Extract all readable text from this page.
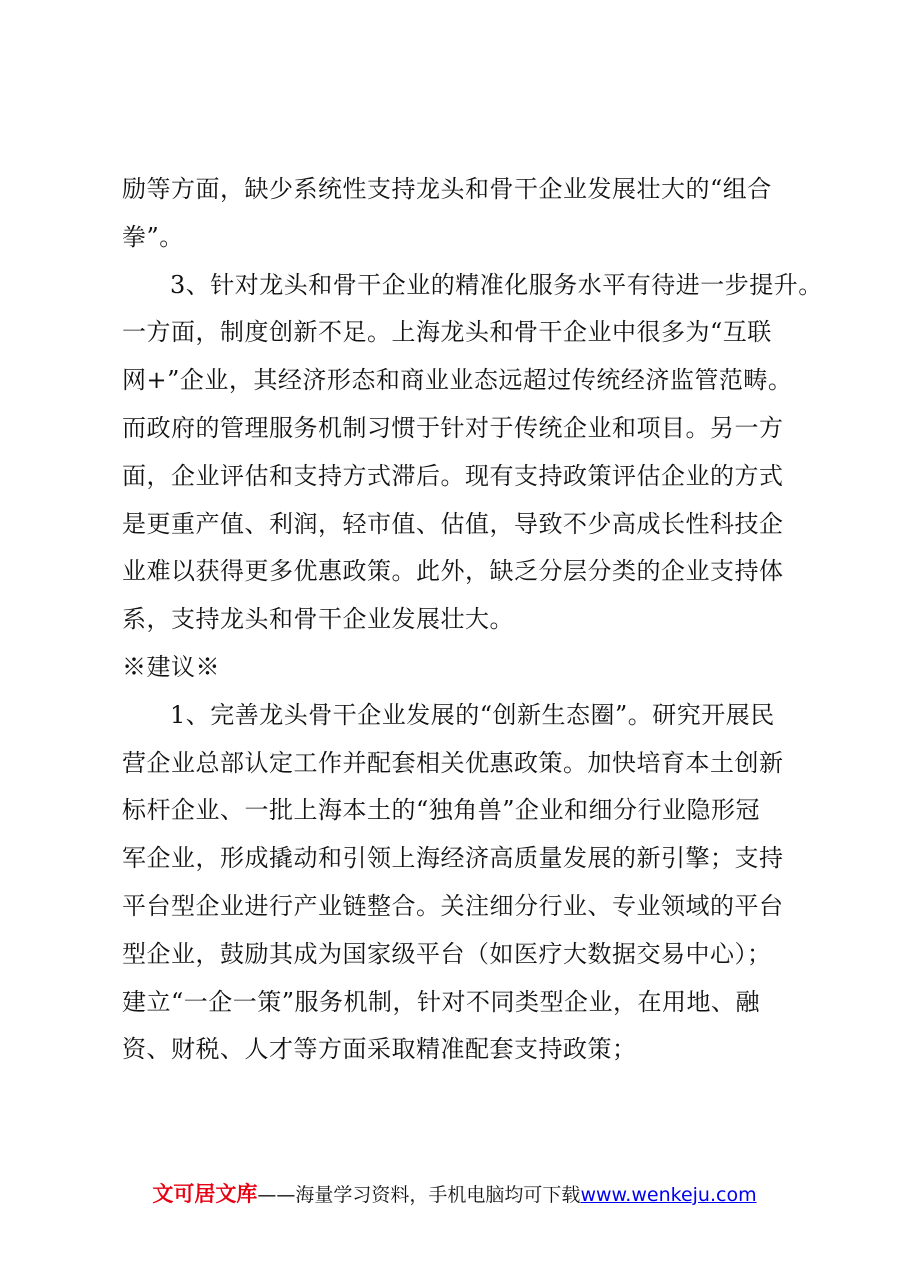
励等方面，缺少系统性支持龙头和骨干企业发展壮大的“组合
拳”。
3、针对龙头和骨干企业的精准化服务水平有待进一步提升。
一方面，制度创新不足。上海龙头和骨干企业中很多为“互联
网+”企业，其经济形态和商业业态远超过传统经济监管范畴。
而政府的管理服务机制习惯于针对于传统企业和项目。另一方
面，企业评估和支持方式滞后。现有支持政策评估企业的方式
是更重产值、利润，轻市值、估值，导致不少高成长性科技企
业难以获得更多优惠政策。此外，缺乏分层分类的企业支持体
系，支持龙头和骨干企业发展壮大。
※建议※
1、完善龙头骨干企业发展的“创新生态圈”。研究开展民
营企业总部认定工作并配套相关优惠政策。加快培育本土创新
标杆企业、一批上海本土的“独角兽”企业和细分行业隐形冠
军企业，形成撬动和引领上海经济高质量发展的新引擎；支持
平台型企业进行产业链整合。关注细分行业、专业领域的平台
型企业，鼓励其成为国家级平台（如医疗大数据交易中心）；
建立“一企一策”服务机制，针对不同类型企业，在用地、融
资、财税、人才等方面采取精准配套支持政策；
文可居文库——海量学习资料，手机电脑均可下载www.wenkeju.com
